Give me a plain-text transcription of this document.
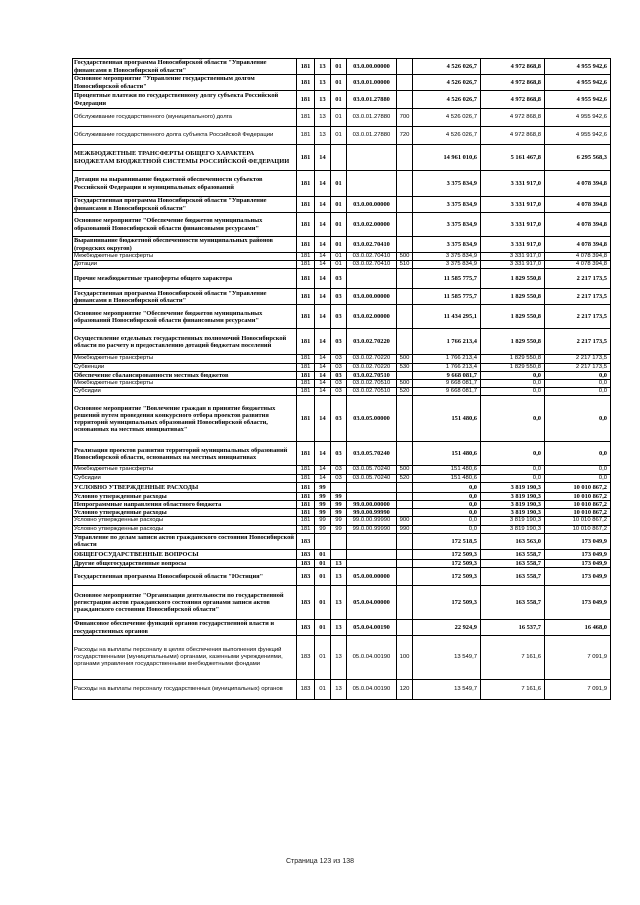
Государственная программа Новосибирской области "Управление финансами в Новосибирской области"	181	13	01	03.0.00.00000		4 526 026,7	4 972 868,8	4 955 942,6
Основное мероприятие "Управление государственным долгом Новосибирской области"	181	13	01	03.0.01.00000		4 526 026,7	4 972 868,8	4 955 942,6
Процентные платежи по государственному долгу субъекта Российской Федерации	181	13	01	03.0.01.27880		4 526 026,7	4 972 868,8	4 955 942,6
Обслуживание государственного (муниципального) долга	181	13	01	03.0.01.27880	700	4 526 026,7	4 972 868,8	4 955 942,6
Обслуживание государственного долга субъекта Российской Федерации	181	13	01	03.0.01.27880	720	4 526 026,7	4 972 868,8	4 955 942,6
МЕЖБЮДЖЕТНЫЕ ТРАНСФЕРТЫ ОБЩЕГО ХАРАКТЕРА БЮДЖЕТАМ БЮДЖЕТНОЙ СИСТЕМЫ РОССИЙСКОЙ ФЕДЕРАЦИИ	181	14				14 961 010,6	5 161 467,8	6 295 568,3
Дотации на выравнивание бюджетной обеспеченности субъектов Российской Федерации и муниципальных образований	181	14	01			3 375 834,9	3 331 917,0	4 078 394,8
Государственная программа Новосибирской области "Управление финансами в Новосибирской области"	181	14	01	03.0.00.00000		3 375 834,9	3 331 917,0	4 078 394,8
Основное мероприятие "Обеспечение бюджетов муниципальных образований Новосибирской области финансовыми ресурсами"	181	14	01	03.0.02.00000		3 375 834,9	3 331 917,0	4 078 394,8
Выравнивание бюджетной обеспеченности муниципальных районов (городских округов)	181	14	01	03.0.02.70410		3 375 834,9	3 331 917,0	4 078 394,8
Межбюджетные трансферты	181	14	01	03.0.02.70410	500	3 375 834,9	3 331 917,0	4 078 394,8
Дотации	181	14	01	03.0.02.70410	510	3 375 834,9	3 331 917,0	4 078 394,8
Прочие межбюджетные трансферты общего характера	181	14	03			11 585 775,7	1 829 550,8	2 217 173,5
Государственная программа Новосибирской области "Управление финансами в Новосибирской области"	181	14	03	03.0.00.00000		11 585 775,7	1 829 550,8	2 217 173,5
Основное мероприятие "Обеспечение бюджетов муниципальных образований Новосибирской области финансовыми ресурсами"	181	14	03	03.0.02.00000		11 434 295,1	1 829 550,8	2 217 173,5
Осуществление отдельных государственных полномочий Новосибирской области по расчету и предоставлению дотаций бюджетам поселений	181	14	03	03.0.02.70220		1 766 213,4	1 829 550,8	2 217 173,5
Межбюджетные трансферты	181	14	03	03.0.02.70220	500	1 766 213,4	1 829 550,8	2 217 173,5
Субвенции	181	14	03	03.0.02.70220	530	1 766 213,4	1 829 550,8	2 217 173,5
Обеспечение сбалансированности местных бюджетов	181	14	03	03.0.02.70510		9 668 081,7	0,0	0,0
Межбюджетные трансферты	181	14	03	03.0.02.70510	500	9 668 081,7	0,0	0,0
Субсидии	181	14	03	03.0.02.70510	520	9 668 081,7	0,0	0,0
Основное мероприятие "Вовлечение граждан в принятие бюджетных решений путем проведения конкурсного отбора проектов развития территорий муниципальных образований Новосибирской области, основанных на местных инициативах"	181	14	03	03.0.05.00000		151 480,6	0,0	0,0
Реализация проектов развития территорий муниципальных образований Новосибирской области, основанных на местных инициативах	181	14	03	03.0.05.70240		151 480,6	0,0	0,0
Межбюджетные трансферты	181	14	03	03.0.05.70240	500	151 480,6	0,0	0,0
Субсидии	181	14	03	03.0.05.70240	520	151 480,6	0,0	0,0
УСЛОВНО УТВЕРЖДЕННЫЕ РАСХОДЫ	181	99				0,0	3 819 190,3	10 010 867,2
Условно утвержденные расходы	181	99	99			0,0	3 819 190,3	10 010 867,2
Непрограммные направления областного бюджета	181	99	99	99.0.00.00000		0,0	3 819 190,3	10 010 867,2
Условно утвержденные расходы	181	99	99	99.0.00.99990		0,0	3 819 190,3	10 010 867,2
Условно утвержденные расходы	181	99	99	99.0.00.99990	900	0,0	3 819 190,3	10 010 867,2
Условно утвержденные расходы	181	99	99	99.0.00.99990	990	0,0	3 819 190,3	10 010 867,2
Управление по делам записи актов гражданского состояния Новосибирской области	183					172 518,5	163 563,0	173 049,9
ОБЩЕГОСУДАРСТВЕННЫЕ ВОПРОСЫ	183	01				172 509,3	163 558,7	173 049,9
Другие общегосударственные вопросы	183	01	13			172 509,3	163 558,7	173 049,9
Государственная программа Новосибирской области "Юстиция"	183	01	13	05.0.00.00000		172 509,3	163 558,7	173 049,9
Основное мероприятие "Организация деятельности по государственной регистрации актов гражданского состояния органами записи актов гражданского состояния Новосибирской области"	183	01	13	05.0.04.00000		172 509,3	163 558,7	173 049,9
Финансовое обеспечение функций органов государственной власти и государственных органов	183	01	13	05.0.04.00190		22 924,9	16 537,7	16 468,0
Расходы на выплаты персоналу в целях обеспечения выполнения функций государственными (муниципальными) органами, казенными учреждениями, органами управления государственными внебюджетными фондами	183	01	13	05.0.04.00190	100	13 549,7	7 161,6	7 091,9
Расходы на выплаты персоналу государственных (муниципальных) органов	183	01	13	05.0.04.00190	120	13 549,7	7 161,6	7 091,9
Страница 123 из 138
